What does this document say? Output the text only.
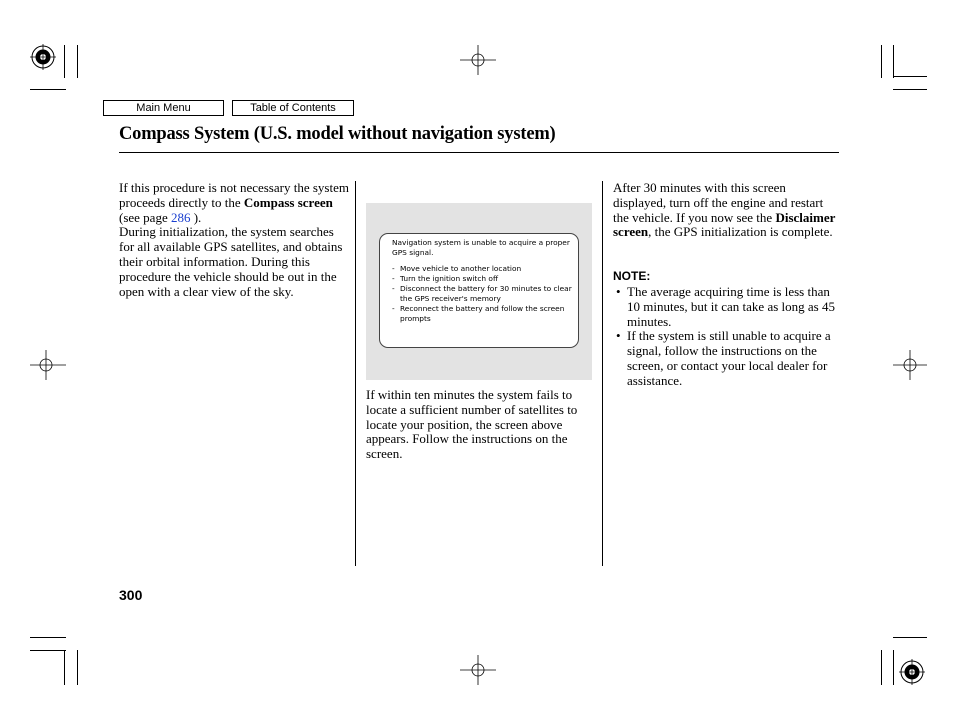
Main Menu	Table of Contents
Compass System (U.S. model without navigation system)
If this procedure is not necessary the system proceeds directly to the Compass screen (see page 286 ).
During initialization, the system searches for all available GPS satellites, and obtains their orbital information. During this procedure the vehicle should be out in the open with a clear view of the sky.
Navigation system is unable to acquire a proper GPS signal.
- Move vehicle to another location
- Turn the ignition switch off
- Disconnect the battery for 30 minutes to clear the GPS receiver's memory
- Reconnect the battery and follow the screen prompts
If within ten minutes the system fails to locate a sufficient number of satellites to locate your position, the screen above appears. Follow the instructions on the screen.
After 30 minutes with this screen displayed, turn off the engine and restart the vehicle. If you now see the Disclaimer screen, the GPS initialization is complete.
NOTE:
• The average acquiring time is less than 10 minutes, but it can take as long as 45 minutes.
• If the system is still unable to acquire a signal, follow the instructions on the screen, or contact your local dealer for assistance.
300
